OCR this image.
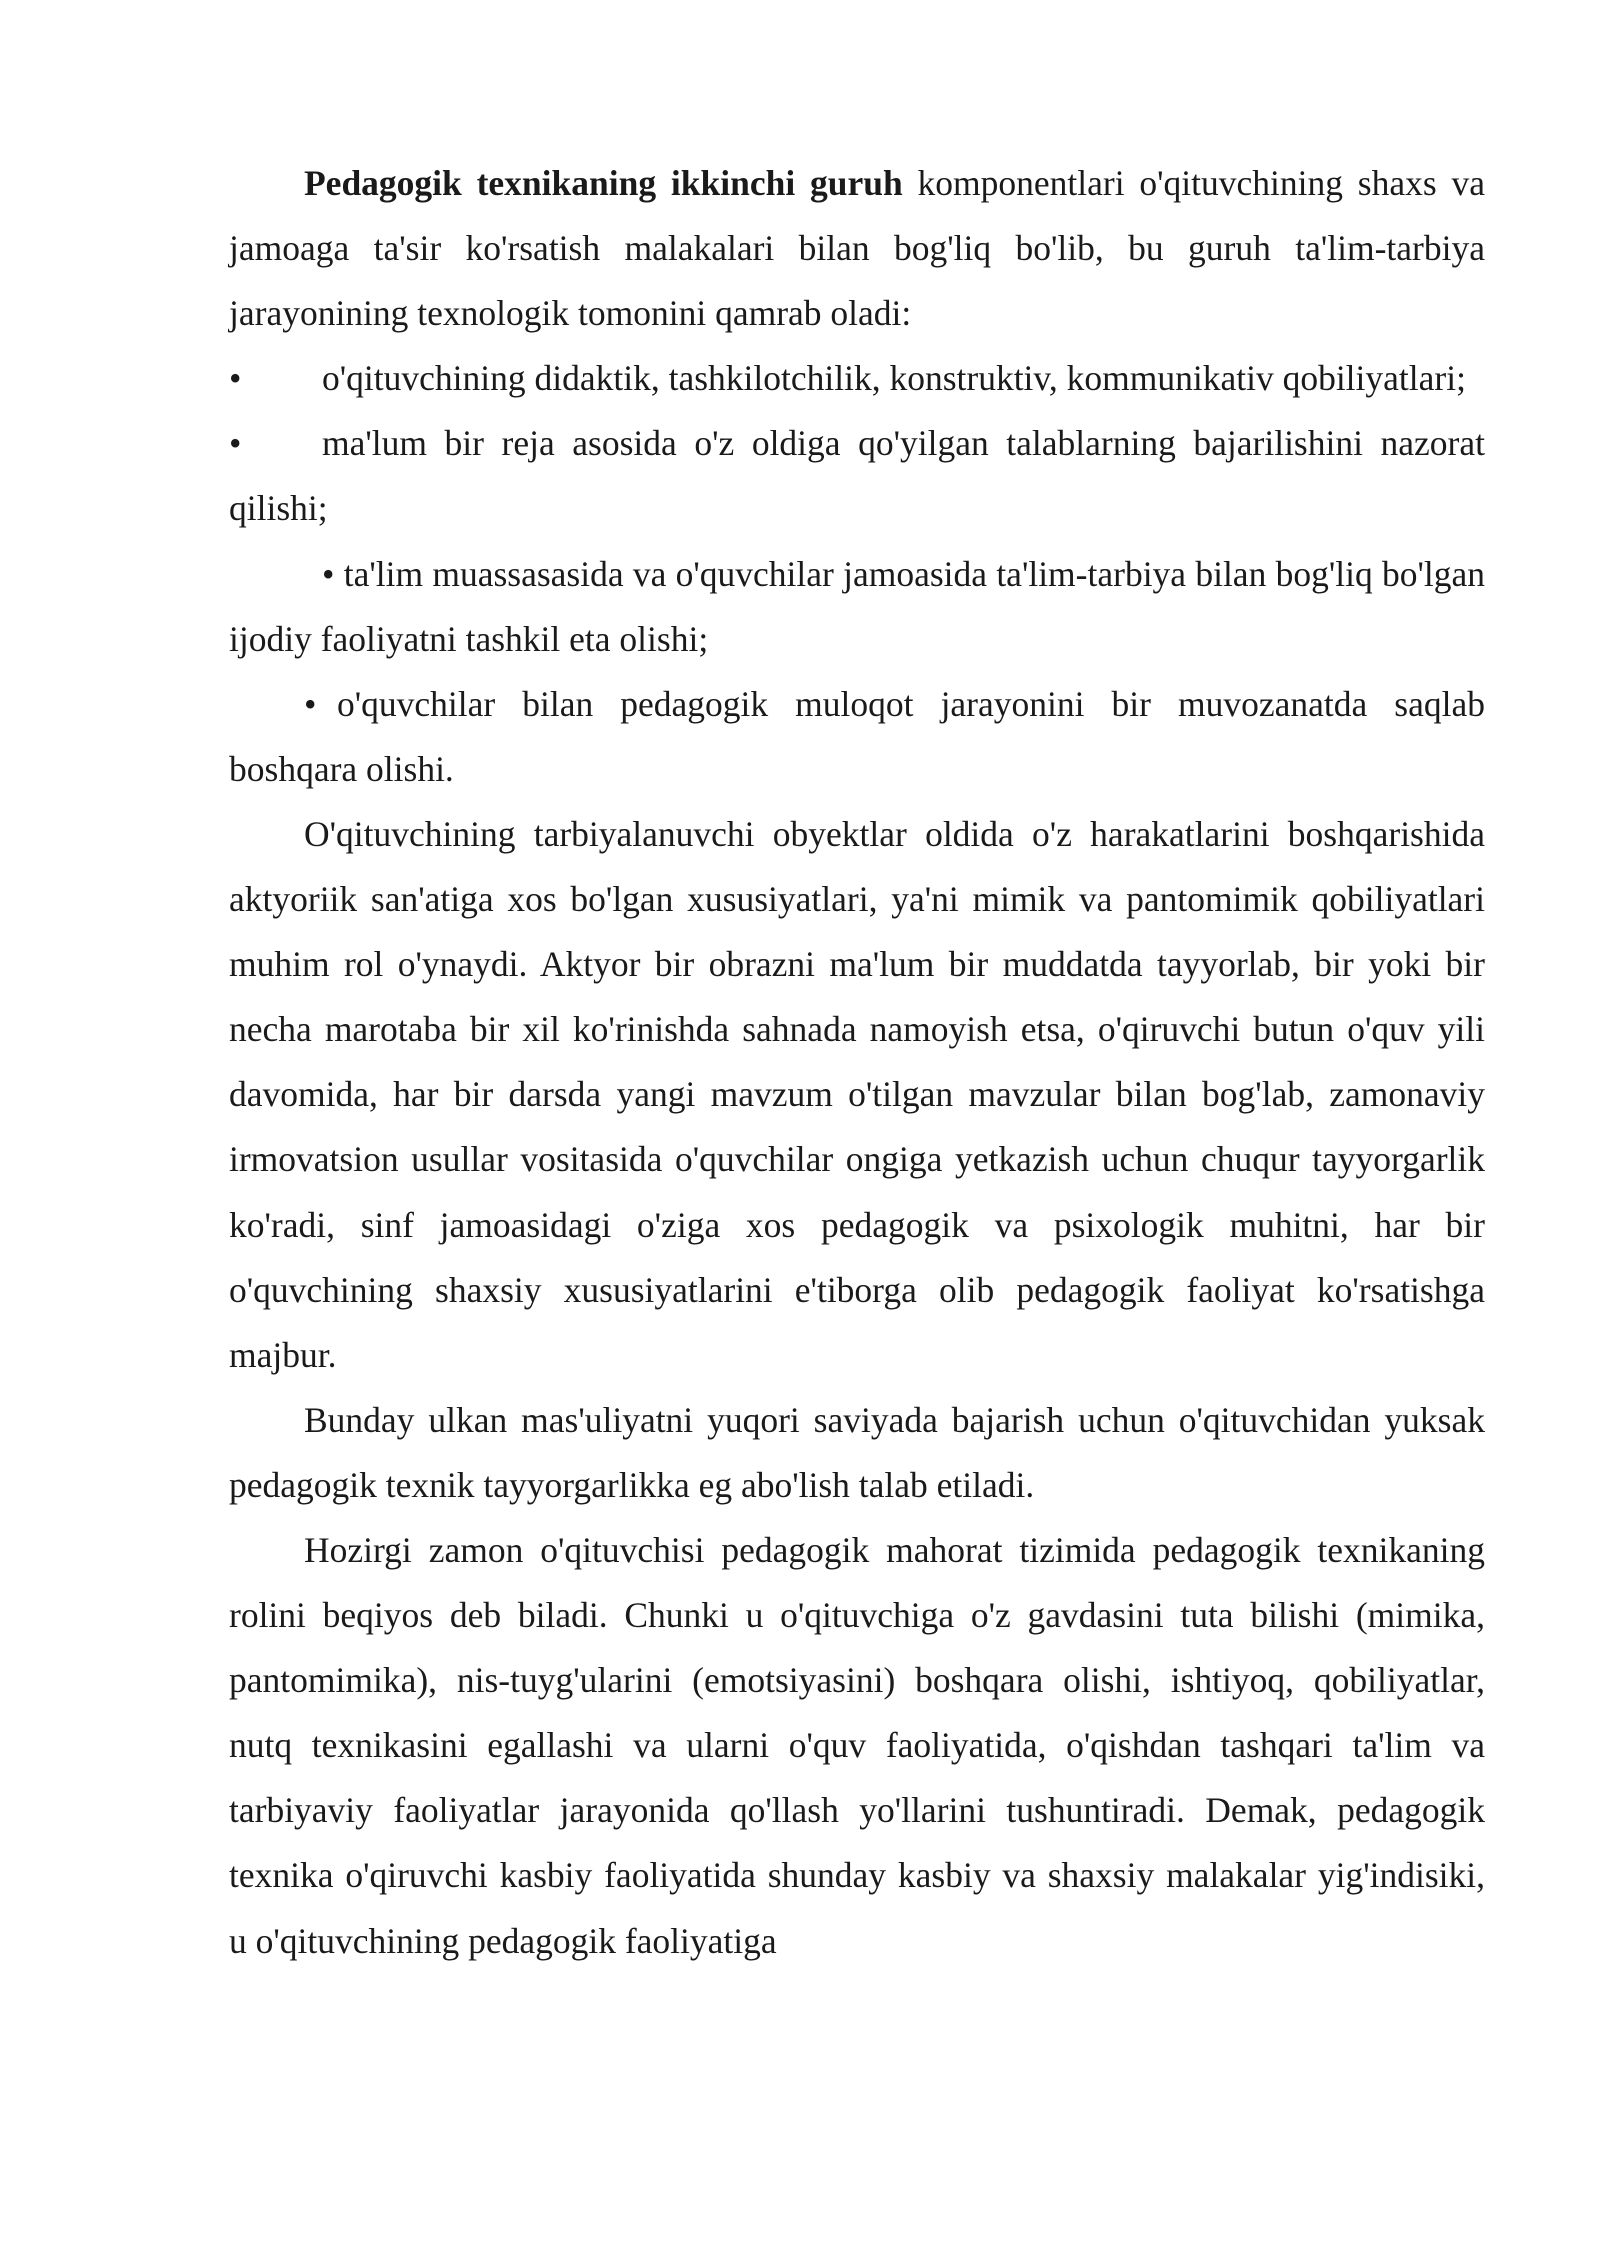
Pedagogik texnikaning ikkinchi guruh komponentlari o'qituvchining shaxs va jamoaga ta'sir ko'rsatish malakalari bilan bog'liq bo'lib, bu guruh ta'lim-tarbiya jarayonining texnologik tomonini qamrab oladi:

• o'qituvchining didaktik, tashkilotchilik, konstruktiv, kommunikativ qobiliyatlari;

• ma'lum bir reja asosida o'z oldiga qo'yilgan talablarning bajarilishini nazorat qilishi;

• ta'lim muassasasida va o'quvchilar jamoasida ta'lim-tarbiya bilan bog'liq bo'lgan ijodiy faoliyatni tashkil eta olishi;

• o'quvchilar bilan pedagogik muloqot jarayonini bir muvozanatda saqlab boshqara olishi.

O'qituvchining tarbiyalanuvchi obyektlar oldida o'z harakatlarini boshqarishida aktyoriik san'atiga xos bo'lgan xususiyatlari, ya'ni mimik va pantomimik qobiliyatlari muhim rol o'ynaydi. Aktyor bir obrazni ma'lum bir muddatda tayyorlab, bir yoki bir necha marotaba bir xil ko'rinishda sahnada namoyish etsa, o'qiruvchi butun o'quv yili davomida, har bir darsda yangi mavzum o'tilgan mavzular bilan bog'lab, zamonaviy irmovatsion usullar vositasida o'quvchilar ongiga yetkazish uchun chuqur tayyorgarlik ko'radi, sinf jamoasidagi o'ziga xos pedagogik va psixologik muhitni, har bir o'quvchining shaxsiy xususiyatlarini e'tiborga olib pedagogik faoliyat ko'rsatishga majbur.

Bunday ulkan mas'uliyatni yuqori saviyada bajarish uchun o'qituvchidan yuksak pedagogik texnik tayyorgarlikka eg abo'lish talab etiladi.

Hozirgi zamon o'qituvchisi pedagogik mahorat tizimida pedagogik texnikaning rolini beqiyos deb biladi. Chunki u o'qituvchiga o'z gavdasini tuta bilishi (mimika, pantomimika), nis-tuyg'ularini (emotsiyasini) boshqara olishi, ishtiyoq, qobiliyatlar, nutq texnikasini egallashi va ularni o'quv faoliyatida, o'qishdan tashqari ta'lim va tarbiyaviy faoliyatlar jarayonida qo'llash yo'llarini tushuntiradi. Demak, pedagogik texnika o'qiruvchi kasbiy faoliyatida shunday kasbiy va shaxsiy malakalar yig'indisiki, u o'qituvchining pedagogik faoliyatiga
